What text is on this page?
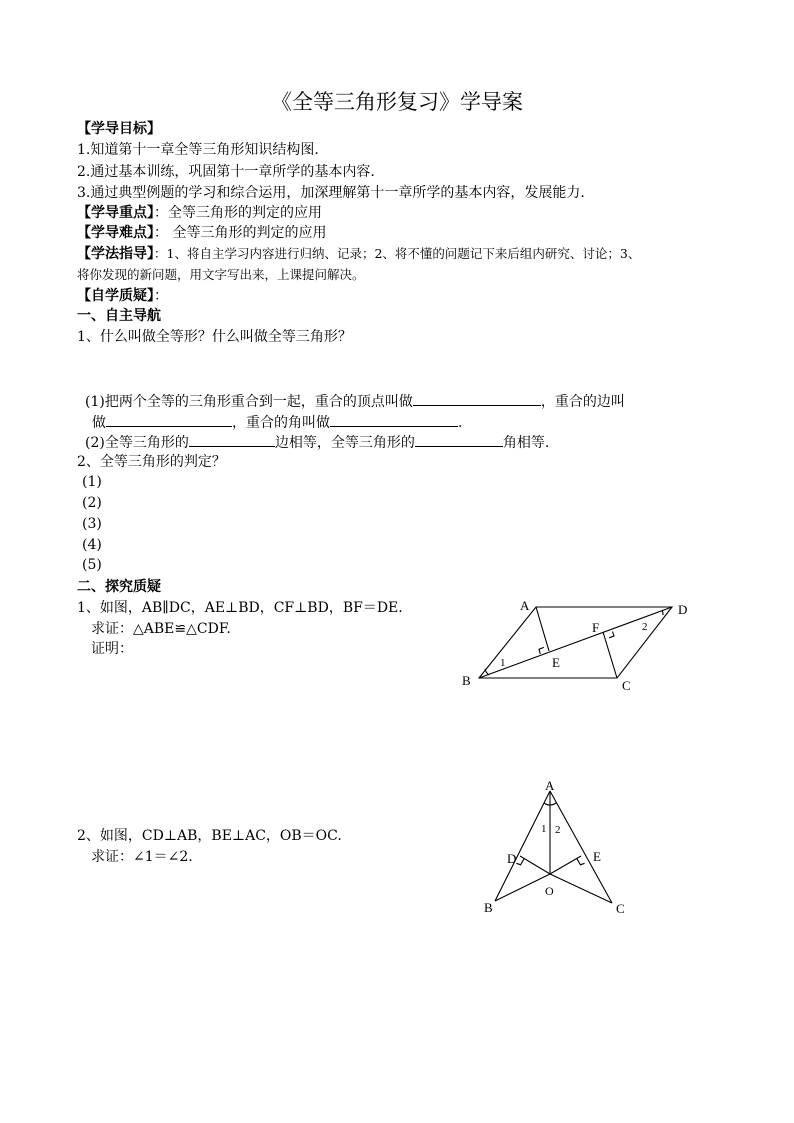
《全等三角形复习》学导案
【学导目标】
1.知道第十一章全等三角形知识结构图.
2.通过基本训练，巩固第十一章所学的基本内容.
3.通过典型例题的学习和综合运用，加深理解第十一章所学的基本内容，发展能力.
【学导重点】：全等三角形的判定的应用
【学导难点】： 全等三角形的判定的应用
【学法指导】：1、将自主学习内容进行归纳、记录；2、将不懂的问题记下来后组内研究、讨论；3、
将你发现的新问题，用文字写出来，上课提问解决。
【自学质疑】：
一、自主导航
1、什么叫做全等形？什么叫做全等三角形？
(1)把两个全等的三角形重合到一起，重合的顶点叫做	，重合的边叫
做	，重合的角叫做	.
(2)全等三角形的	边相等，全等三角形的	角相等.
2、全等三角形的判定？
(1)
(2)
(3)
(4)
(5)
二、探究质疑
1、如图，AB∥DC，AE⊥BD，CF⊥BD，BF＝DE.
求证：△ABE≌△CDF.
证明：
2、如图，CD⊥AB，BE⊥AC，OB＝OC.
求证：∠1＝∠2.
A	D
B	C
E
F
1
2
A
B	C
D	E
O
1 2
